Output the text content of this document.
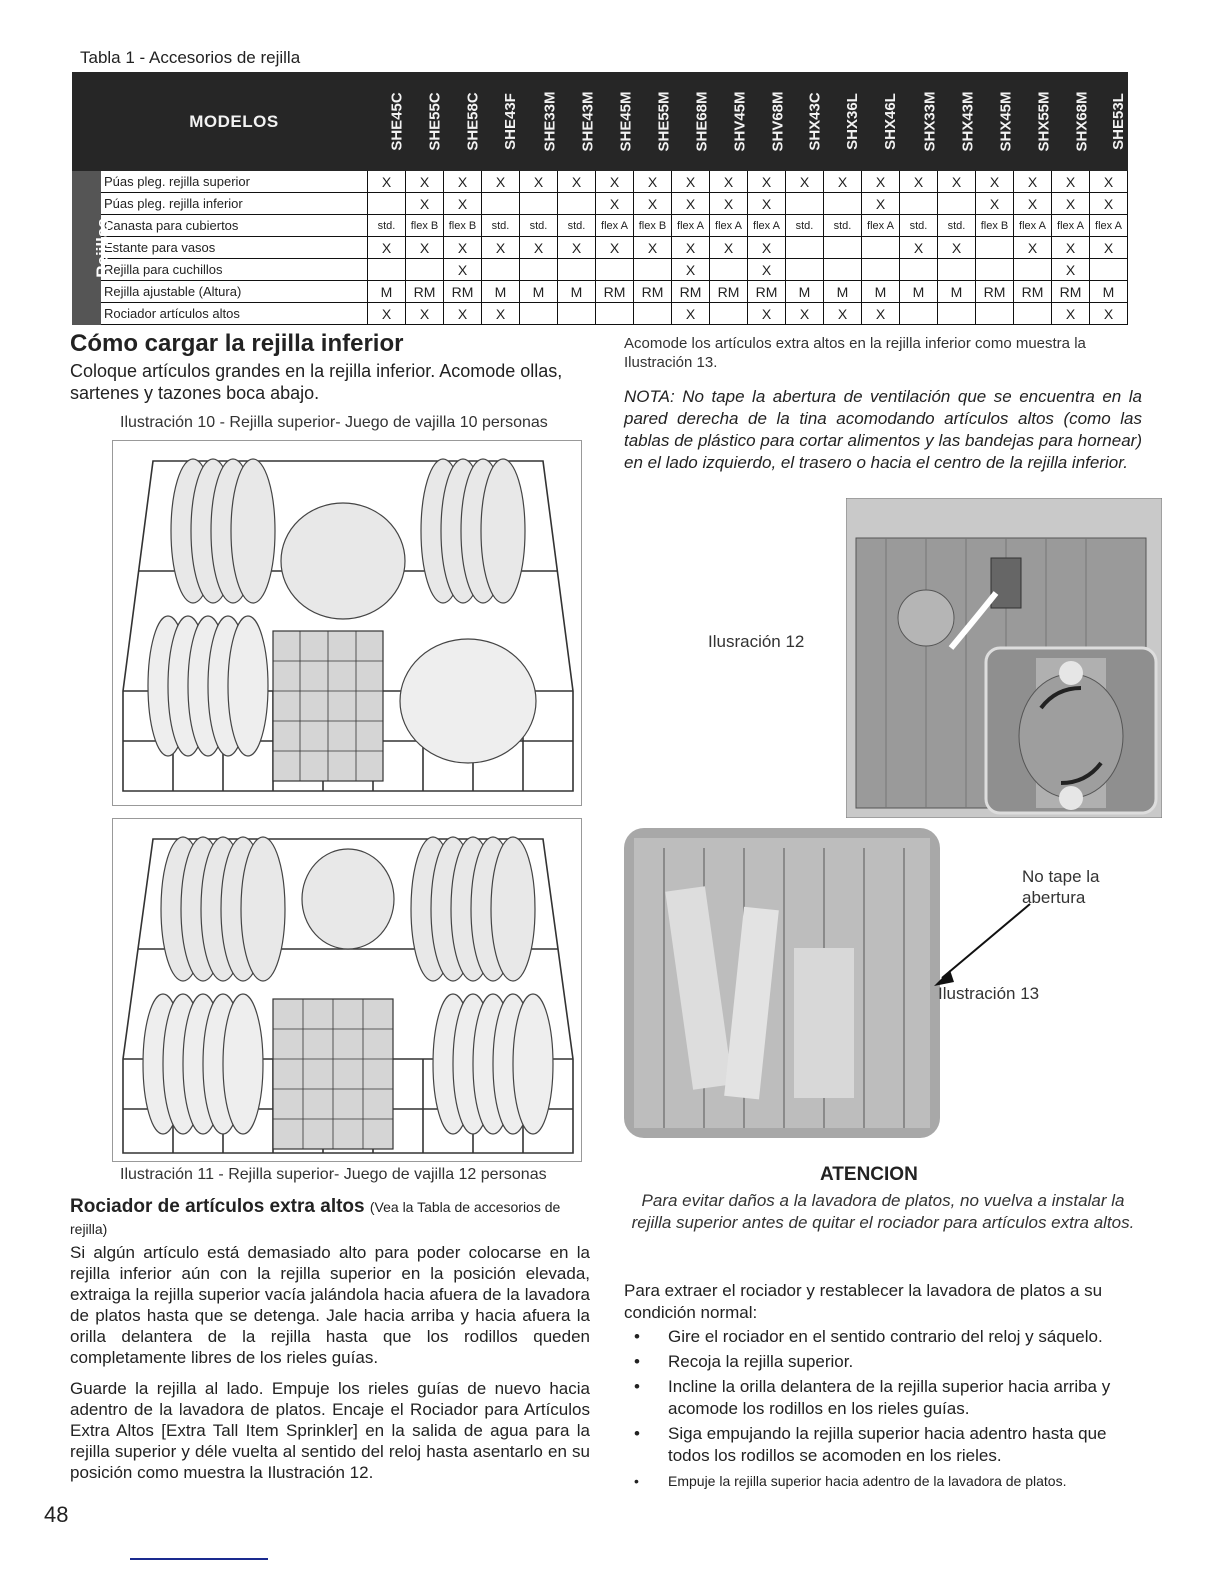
Tabla 1 - Accesorios de rejilla
	MODELOS	SHE45C	SHE55C	SHE58C	SHE43F	SHE33M	SHE43M	SHE45M	SHE55M	SHE68M	SHV45M	SHV68M	SHX43C	SHX36L	SHX46L	SHX33M	SHX43M	SHX45M	SHX55M	SHX68M	SHE53L
Rejillas	Púas pleg. rejilla superior	X	X	X	X	X	X	X	X	X	X	X	X	X	X	X	X	X	X	X	X
	Púas pleg. rejilla inferior		X	X				X	X	X	X	X			X			X	X	X	X
	Canasta para cubiertos	std.	flex B	flex B	std.	std.	std.	flex A	flex B	flex A	flex A	flex A	std.	std.	flex A	std.	std.	flex B	flex A	flex A	flex A
	Estante para vasos	X	X	X	X	X	X	X	X	X	X	X				X	X		X	X	X
	Rejilla para cuchillos			X						X		X								X	
	Rejilla ajustable (Altura)	M	RM	RM	M	M	M	RM	RM	RM	RM	RM	M	M	M	M	M	RM	RM	RM	M
	Rociador artículos altos	X	X	X	X					X		X	X	X	X					X	X
Cómo cargar la rejilla inferior
Coloque artículos grandes en la rejilla inferior. Acomode ollas, sartenes y tazones boca abajo.
Ilustración 10 - Rejilla superior- Juego de vajilla 10 personas
Ilustración 11 - Rejilla superior- Juego de vajilla 12 personas
Rociador de artículos extra altos (Vea la Tabla de accesorios de rejilla)

Si algún artículo está demasiado alto para poder colocarse en la rejilla inferior aún con la rejilla superior en la posición elevada, extraiga la rejilla superior vacía jalándola hacia afuera de la lavadora de platos hasta que se detenga. Jale hacia arriba y hacia afuera la orilla delantera de la rejilla hasta que los rodillos queden completamente libres de los rieles guías.

Guarde la rejilla al lado. Empuje los rieles guías de nuevo hacia adentro de la lavadora de platos. Encaje el Rociador para Artículos Extra Altos [Extra Tall Item Sprinkler] en la salida de agua para la rejilla superior y déle vuelta al sentido del reloj hasta asentarlo en su posición como muestra la Ilustración 12.

48
Acomode los artículos extra altos en la rejilla inferior como muestra la Ilustración 13.
NOTA: No tape la abertura de ventilación que se encuentra en la pared derecha de la tina acomodando artículos altos (como las tablas de plástico para cortar alimentos y las bandejas para hornear) en el lado izquierdo, el trasero o hacia el centro de la rejilla inferior.
Ilusración 12
Ilustración 13
No tape la abertura
ATENCION
Para evitar daños a la lavadora de platos, no vuelva a instalar la rejilla superior antes de quitar el rociador para artículos extra altos.
Para extraer el rociador y restablecer la lavadora de platos a su condición normal:
• Gire el rociador en el sentido contrario del reloj y sáquelo.
• Recoja la rejilla superior.
• Incline la orilla delantera de la rejilla superior hacia arriba y acomode los rodillos en los rieles guías.
• Siga empujando la rejilla superior hacia adentro hasta que todos los rodillos se acomoden en los rieles.
• Empuje la rejilla superior hacia adentro de la lavadora de platos.
